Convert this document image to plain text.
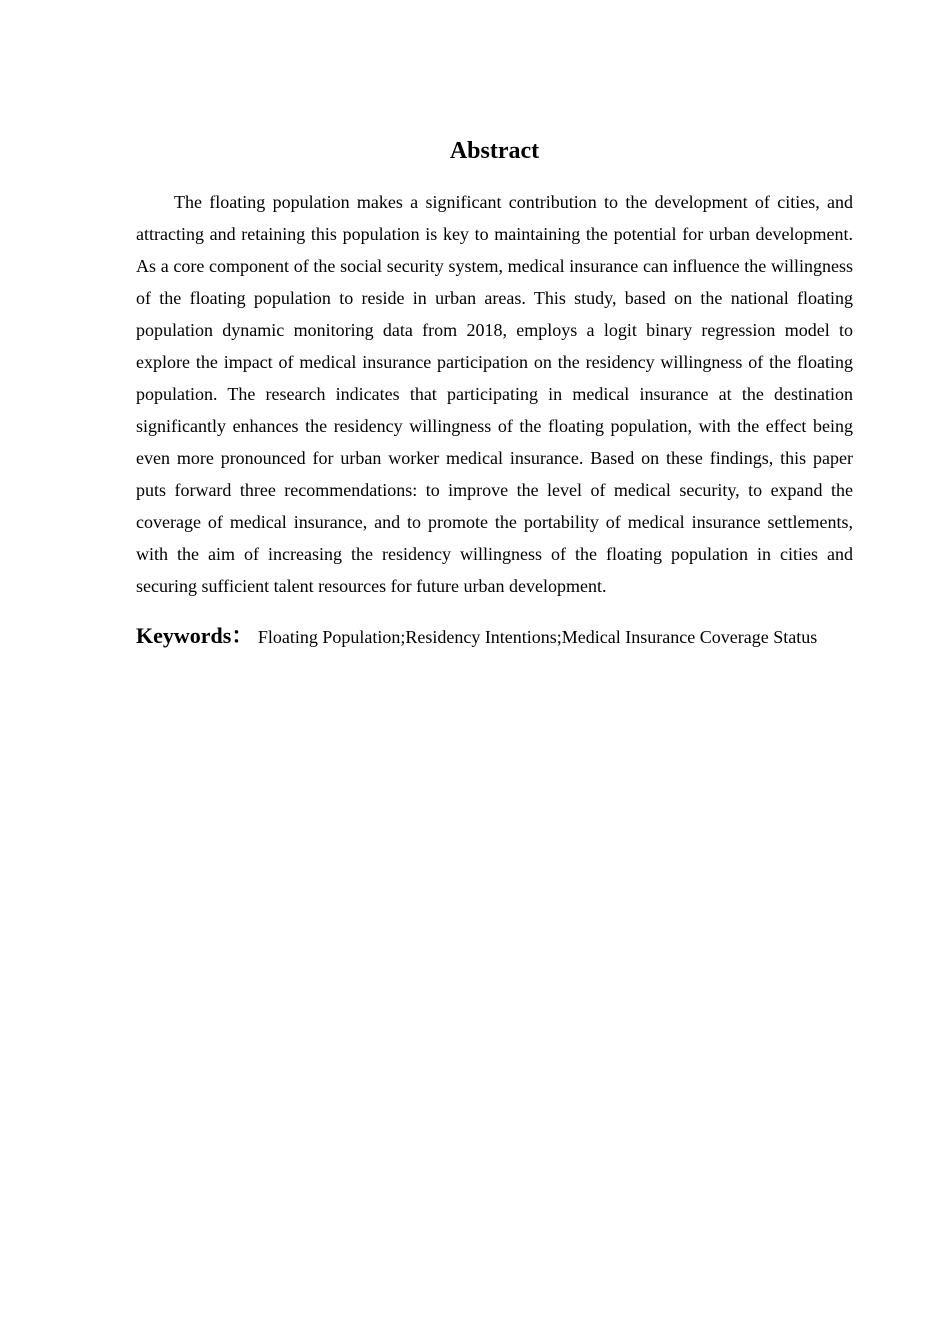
Abstract

The floating population makes a significant contribution to the development of cities, and attracting and retaining this population is key to maintaining the potential for urban development. As a core component of the social security system, medical insurance can influence the willingness of the floating population to reside in urban areas. This study, based on the national floating population dynamic monitoring data from 2018, employs a logit binary regression model to explore the impact of medical insurance participation on the residency willingness of the floating population. The research indicates that participating in medical insurance at the destination significantly enhances the residency willingness of the floating population, with the effect being even more pronounced for urban worker medical insurance. Based on these findings, this paper puts forward three recommendations: to improve the level of medical security, to expand the coverage of medical insurance, and to promote the portability of medical insurance settlements, with the aim of increasing the residency willingness of the floating population in cities and securing sufficient talent resources for future urban development.

Keywords： Floating Population;Residency Intentions;Medical Insurance Coverage Status
